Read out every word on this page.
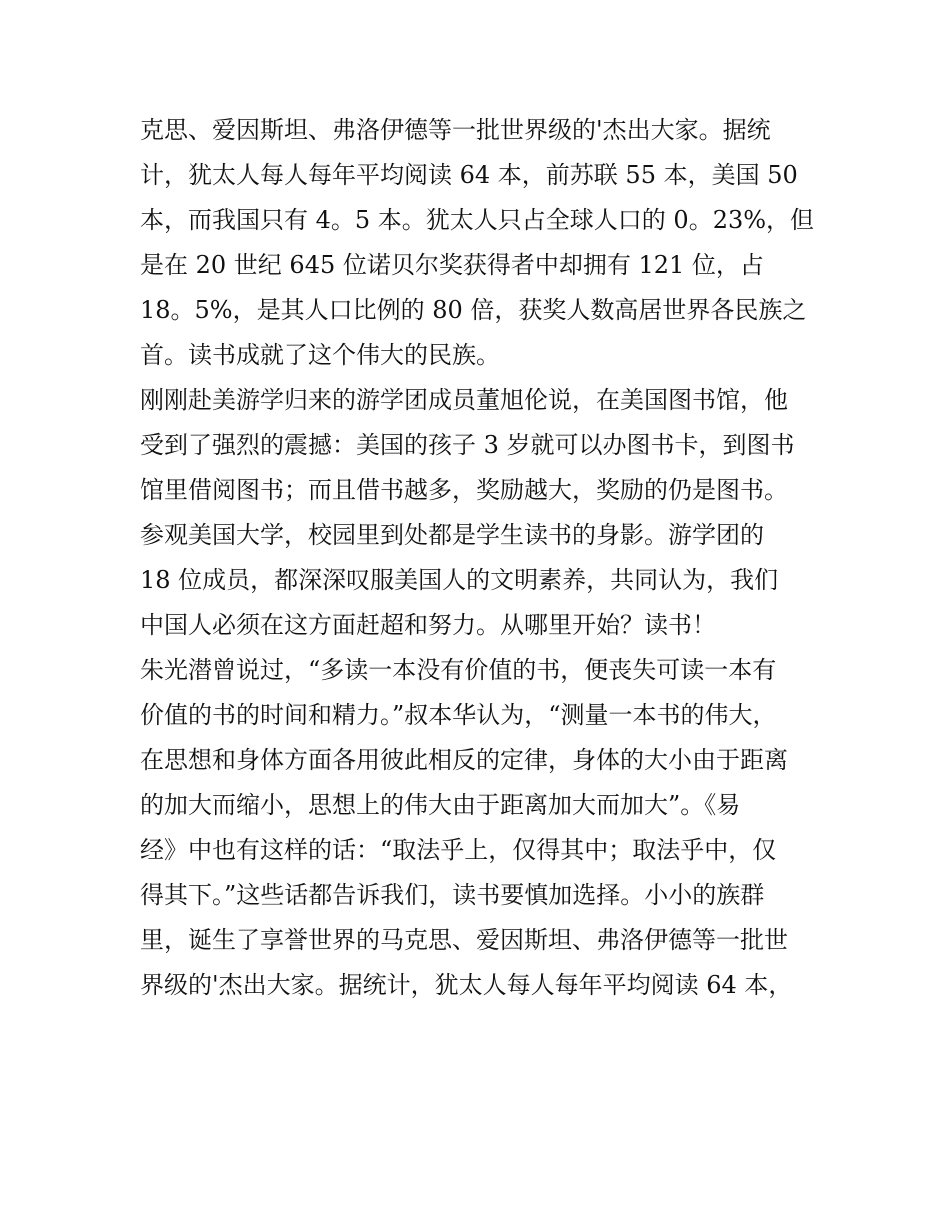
克思、爱因斯坦、弗洛伊德等一批世界级的'杰出大家。据统
计，犹太人每人每年平均阅读 64 本，前苏联 55 本，美国 50
本，而我国只有 4。5 本。犹太人只占全球人口的 0。23%，但
是在 20 世纪 645 位诺贝尔奖获得者中却拥有 121 位，占
18。5%，是其人口比例的 80 倍，获奖人数高居世界各民族之
首。读书成就了这个伟大的民族。
刚刚赴美游学归来的游学团成员董旭伦说，在美国图书馆，他
受到了强烈的震撼：美国的孩子 3 岁就可以办图书卡，到图书
馆里借阅图书；而且借书越多，奖励越大，奖励的仍是图书。
参观美国大学，校园里到处都是学生读书的身影。游学团的
18 位成员，都深深叹服美国人的文明素养，共同认为，我们
中国人必须在这方面赶超和努力。从哪里开始？读书！
朱光潜曾说过，“多读一本没有价值的书，便丧失可读一本有
价值的书的时间和精力。”叔本华认为，“测量一本书的伟大，
在思想和身体方面各用彼此相反的定律，身体的大小由于距离
的加大而缩小，思想上的伟大由于距离加大而加大”。《易
经》中也有这样的话：“取法乎上，仅得其中；取法乎中，仅
得其下。”这些话都告诉我们，读书要慎加选择。小小的族群
里，诞生了享誉世界的马克思、爱因斯坦、弗洛伊德等一批世
界级的'杰出大家。据统计，犹太人每人每年平均阅读 64 本，
